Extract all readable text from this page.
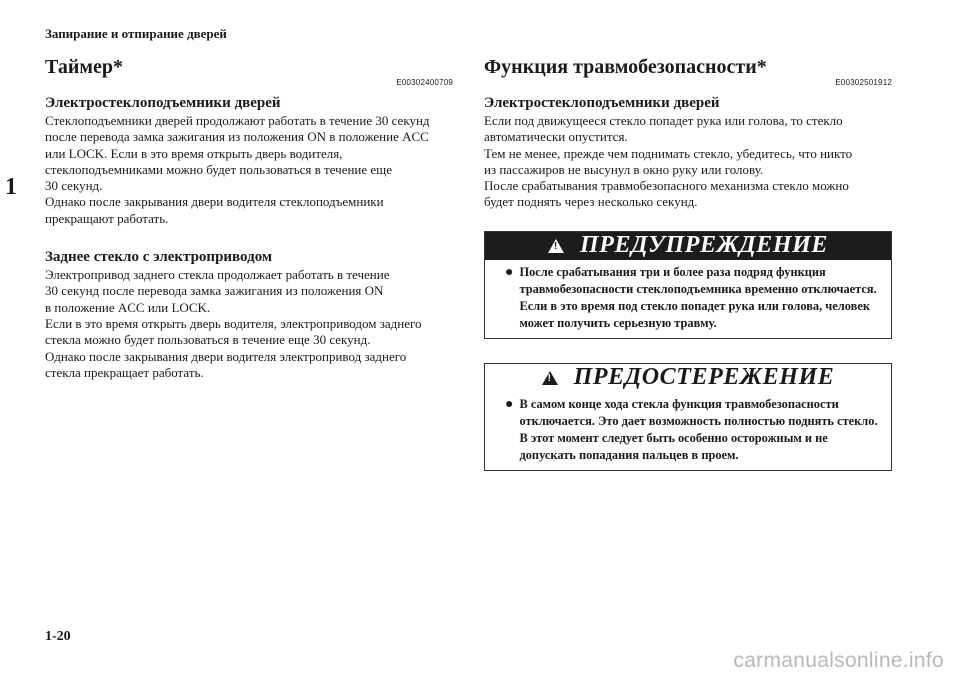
Запирание и отпирание дверей
1
Таймер*
E00302400709
Электростеклоподъемники дверей

Стеклоподъемники дверей продолжают работать в течение 30 секунд

после перевода замка зажигания из положения ON в положение ACC

или LOCK. Если в это время открыть дверь водителя,

стеклоподъемниками можно будет пользоваться в течение еще

30 секунд.

Однако после закрывания двери водителя стеклоподъемники

прекращают работать.

Заднее стекло с электроприводом

Электропривод заднего стекла продолжает работать в течение

30 секунд после перевода замка зажигания из положения ON

в положение ACC или LOCK.

Если в это время открыть дверь водителя, электроприводом заднего

стекла можно будет пользоваться в течение еще 30 секунд.

Однако после закрывания двери водителя электропривод заднего

стекла прекращает работать.

Функция травмобезопасности*
E00302501912
Электростеклоподъемники дверей

Если под движущееся стекло попадет рука или голова, то стекло

автоматически опустится.

Тем не менее, прежде чем поднимать стекло, убедитесь, что никто

из пассажиров не высунул в окно руку или голову.

После срабатывания травмобезопасного механизма стекло можно

будет поднять через несколько секунд.

!
ПРЕДУПРЕЖДЕНИЕ
● После срабатывания три и более раза подряд функция
травмобезопасности стеклоподъемника временно отключается.
Если в это время под стекло попадет рука или голова, человек
может получить серьезную травму.
!
ПРЕДОСТЕРЕЖЕНИЕ
● В самом конце хода стекла функция травмобезопасности
отключается. Это дает возможность полностью поднять стекло.
В этот момент следует быть особенно осторожным и не
допускать попадания пальцев в проем.
1-20
carmanualsonline.info
